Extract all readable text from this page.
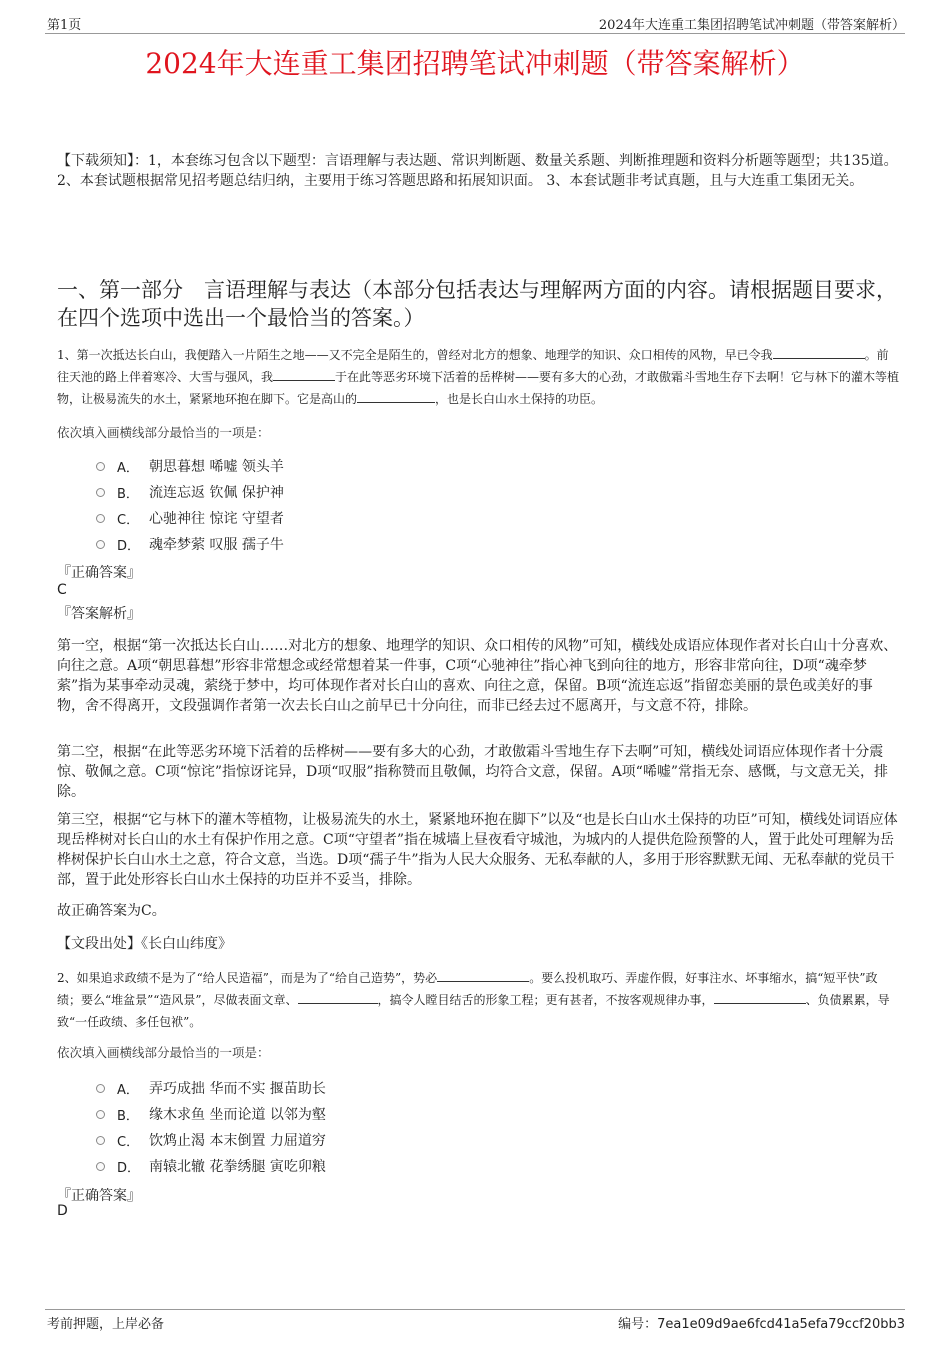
第1页	2024年大连重工集团招聘笔试冲刺题（带答案解析）
2024年大连重工集团招聘笔试冲刺题（带答案解析）
【下载须知】：1，本套练习包含以下题型：言语理解与表达题、常识判断题、数量关系题、判断推理题和资料分析题等题型；共135道。 2、本套试题根据常见招考题总结归纳，主要用于练习答题思路和拓展知识面。 3、本套试题非考试真题，且与大连重工集团无关。
一、第一部分　言语理解与表达（本部分包括表达与理解两方面的内容。请根据题目要求，在四个选项中选出一个最恰当的答案。）
1、第一次抵达长白山，我便踏入一片陌生之地——又不完全是陌生的，曾经对北方的想象、地理学的知识、众口相传的风物，早已令我	。前往天池的路上伴着寒冷、大雪与强风，我	于在此等恶劣环境下活着的岳桦树——要有多大的心劲，才敢傲霜斗雪地生存下去啊！它与林下的灌木等植物，让极易流失的水土，紧紧地环抱在脚下。它是高山的	，也是长白山水土保持的功臣。
依次填入画横线部分最恰当的一项是：
A． 朝思暮想 唏嘘 领头羊
B． 流连忘返 钦佩 保护神
C． 心驰神往 惊诧 守望者
D． 魂牵梦萦 叹服 孺子牛
『正确答案』
C
『答案解析』
第一空，根据“第一次抵达长白山……对北方的想象、地理学的知识、众口相传的风物”可知，横线处成语应体现作者对长白山十分喜欢、向往之意。A项“朝思暮想”形容非常想念或经常想着某一件事，C项“心驰神往”指心神飞到向往的地方，形容非常向往，D项“魂牵梦萦”指为某事牵动灵魂，萦绕于梦中，均可体现作者对长白山的喜欢、向往之意，保留。B项“流连忘返”指留恋美丽的景色或美好的事物，舍不得离开，文段强调作者第一次去长白山之前早已十分向往，而非已经去过不愿离开，与文意不符，排除。
第二空，根据“在此等恶劣环境下活着的岳桦树——要有多大的心劲，才敢傲霜斗雪地生存下去啊”可知，横线处词语应体现作者十分震惊、敬佩之意。C项“惊诧”指惊讶诧异，D项“叹服”指称赞而且敬佩，均符合文意，保留。A项“唏嘘”常指无奈、感慨，与文意无关，排除。
第三空，根据“它与林下的灌木等植物，让极易流失的水土，紧紧地环抱在脚下”以及“也是长白山水土保持的功臣”可知，横线处词语应体现岳桦树对长白山的水土有保护作用之意。C项“守望者”指在城墙上昼夜看守城池，为城内的人提供危险预警的人，置于此处可理解为岳桦树保护长白山水土之意，符合文意，当选。D项“孺子牛”指为人民大众服务、无私奉献的人，多用于形容默默无闻、无私奉献的党员干部，置于此处形容长白山水土保持的功臣并不妥当，排除。
故正确答案为C。
【文段出处】《长白山纬度》
2、如果追求政绩不是为了“给人民造福”，而是为了“给自己造势”，势必	。要么投机取巧、弄虚作假，好事注水、坏事缩水，搞“短平快”政绩；要么“堆盆景”“造风景”，尽做表面文章、	，搞令人瞠目结舌的形象工程；更有甚者，不按客观规律办事，	、负债累累，导致“一任政绩、多任包袱”。
依次填入画横线部分最恰当的一项是：
A． 弄巧成拙 华而不实 揠苗助长
B． 缘木求鱼 坐而论道 以邻为壑
C． 饮鸩止渴 本末倒置 力屈道穷
D． 南辕北辙 花拳绣腿 寅吃卯粮
『正确答案』
D
考前押题，上岸必备	编号：7ea1e09d9ae6fcd41a5efa79ccf20bb3
